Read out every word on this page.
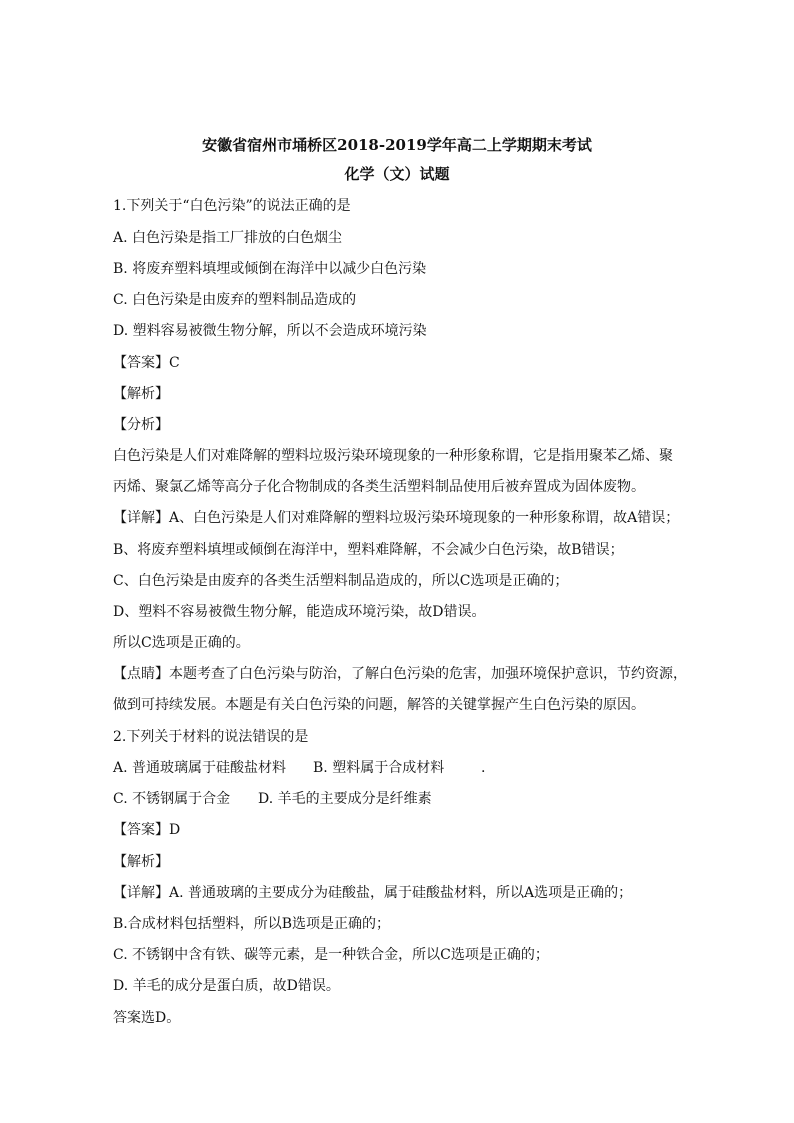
安徽省宿州市埇桥区2018-2019学年高二上学期期末考试
化学（文）试题
1.下列关于“白色污染”的说法正确的是
A. 白色污染是指工厂排放的白色烟尘
B. 将废弃塑料填埋或倾倒在海洋中以减少白色污染
C. 白色污染是由废弃的塑料制品造成的
D. 塑料容易被微生物分解，所以不会造成环境污染
【答案】C
【解析】
【分析】
白色污染是人们对难降解的塑料垃圾污染环境现象的一种形象称谓，它是指用聚苯乙烯、聚
丙烯、聚氯乙烯等高分子化合物制成的各类生活塑料制品使用后被弃置成为固体废物。
【详解】A、白色污染是人们对难降解的塑料垃圾污染环境现象的一种形象称谓，故A错误；
B、将废弃塑料填埋或倾倒在海洋中，塑料难降解，不会减少白色污染，故B错误；
C、白色污染是由废弃的各类生活塑料制品造成的，所以C选项是正确的；
D、塑料不容易被微生物分解，能造成环境污染，故D错误。
所以C选项是正确的。
【点睛】本题考查了白色污染与防治，了解白色污染的危害，加强环境保护意识，节约资源，
做到可持续发展。本题是有关白色污染的问题，解答的关键掌握产生白色污染的原因。
2.下列关于材料的说法错误的是
A. 普通玻璃属于硅酸盐材料 B. 塑料属于合成材料	.
C. 不锈钢属于合金 D. 羊毛的主要成分是纤维素
【答案】D
【解析】
【详解】A. 普通玻璃的主要成分为硅酸盐，属于硅酸盐材料，所以A选项是正确的；
B.合成材料包括塑料，所以B选项是正确的；
C. 不锈钢中含有铁、碳等元素，是一种铁合金，所以C选项是正确的；
D. 羊毛的成分是蛋白质，故D错误。
答案选D。
